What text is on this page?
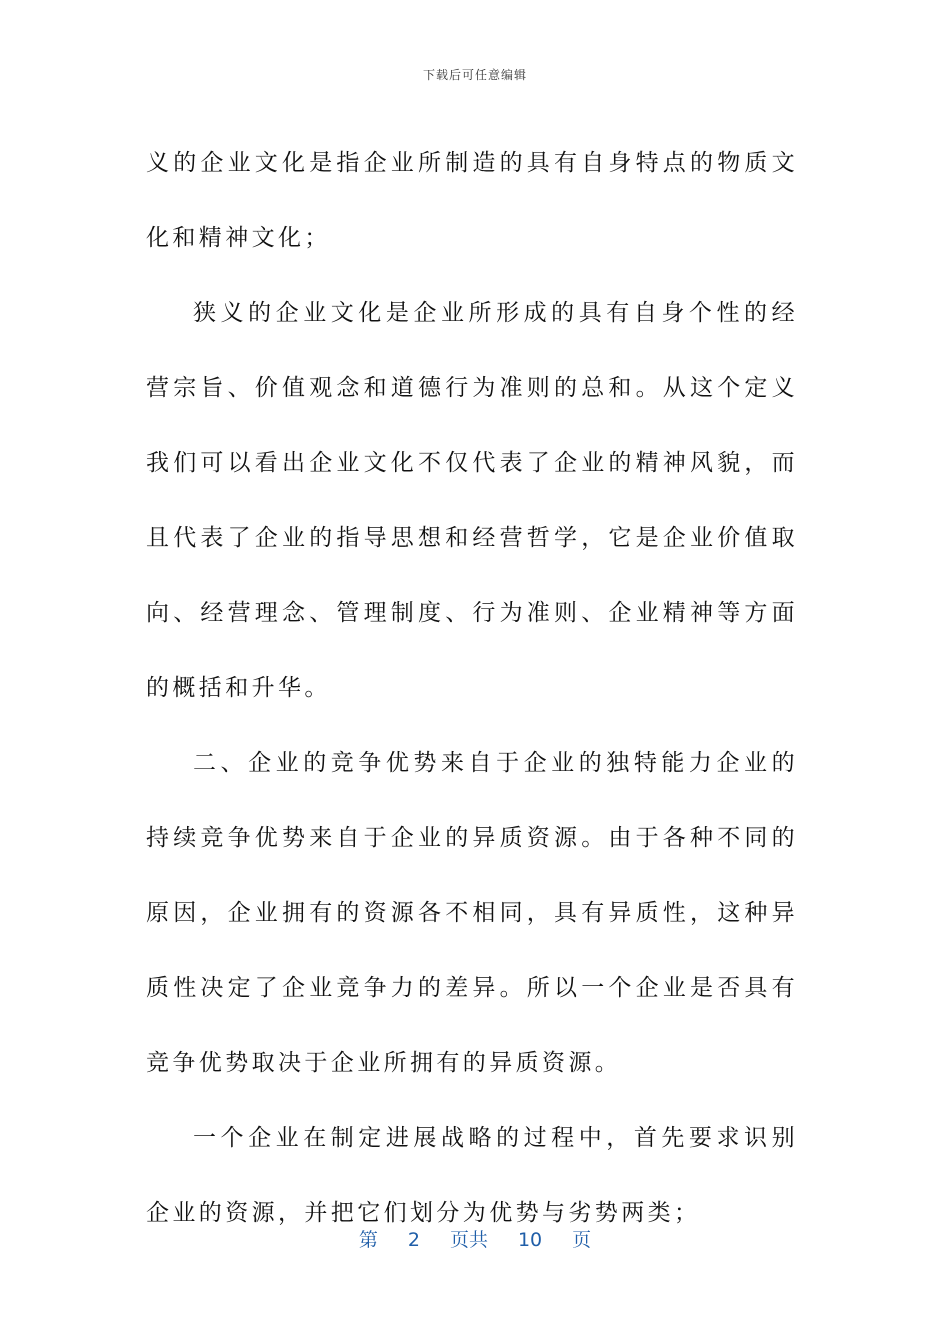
下载后可任意编辑

义的企业文化是指企业所制造的具有自身特点的物质文化和精神文化；

狭义的企业文化是企业所形成的具有自身个性的经营宗旨、价值观念和道德行为准则的总和。从这个定义我们可以看出企业文化不仅代表了企业的精神风貌，而且代表了企业的指导思想和经营哲学，它是企业价值取向、经营理念、管理制度、行为准则、企业精神等方面的概括和升华。

二、企业的竞争优势来自于企业的独特能力企业的持续竞争优势来自于企业的异质资源。由于各种不同的原因，企业拥有的资源各不相同，具有异质性，这种异质性决定了企业竞争力的差异。所以一个企业是否具有竞争优势取决于企业所拥有的异质资源。

一个企业在制定进展战略的过程中，首先要求识别企业的资源，并把它们划分为优势与劣势两类；

第 2 页共 10 页
